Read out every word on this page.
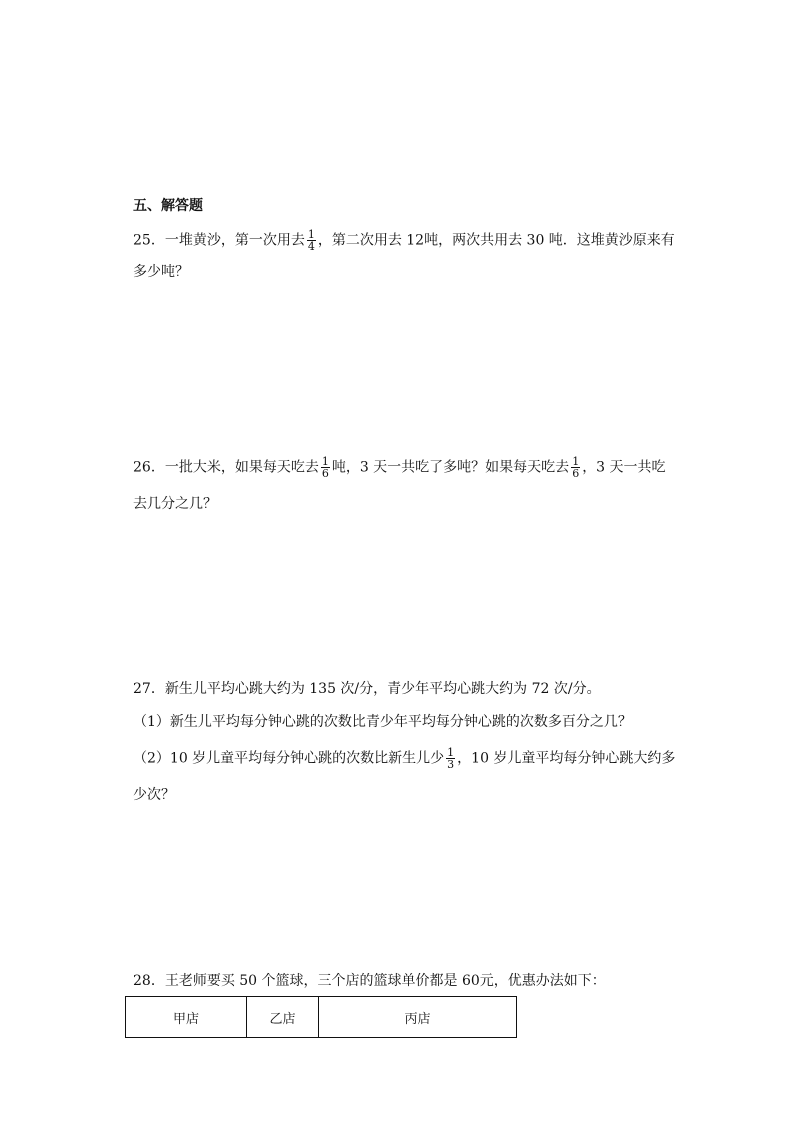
五、解答题
25．一堆黄沙，第一次用去 $\frac{1}{4}$ ，第二次用去 12吨，两次共用去 30 吨．这堆黄沙原来有
多少吨？
26．一批大米，如果每天吃去 $\frac{1}{6}$ 吨，3 天一共吃了多吨？如果每天吃去 $\frac{1}{6}$ ，3 天一共吃
去几分之几？
27．新生儿平均心跳大约为 135 次/分，青少年平均心跳大约为 72 次/分。
（1）新生儿平均每分钟心跳的次数比青少年平均每分钟心跳的次数多百分之几？
（2）10 岁儿童平均每分钟心跳的次数比新生儿少 $\frac{1}{3}$ ，10 岁儿童平均每分钟心跳大约多
少次？
28．王老师要买 50 个篮球，三个店的篮球单价都是 60元，优惠办法如下：
甲店	乙店	丙店
